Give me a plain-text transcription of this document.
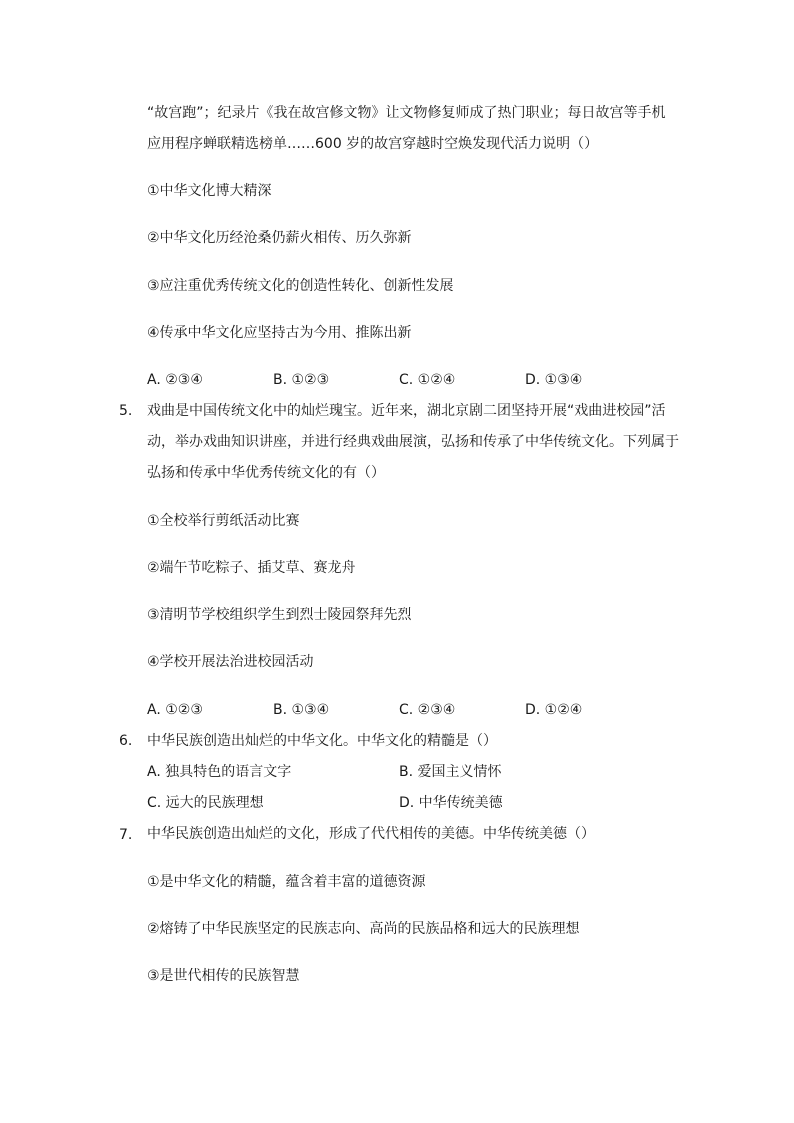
“故宫跑”；纪录片《我在故宫修文物》让文物修复师成了热门职业；每日故宫等手机
应用程序蝉联精选榜单……600 岁的故宫穿越时空焕发现代活力说明（）
①中华文化博大精深
②中华文化历经沧桑仍薪火相传、历久弥新
③应注重优秀传统文化的创造性转化、创新性发展
④传承中华文化应坚持古为今用、推陈出新
A. ②③④	B. ①②③	C. ①②④	D. ①③④
5. 戏曲是中国传统文化中的灿烂瑰宝。近年来，湖北京剧二团坚持开展“戏曲进校园”活
动，举办戏曲知识讲座，并进行经典戏曲展演，弘扬和传承了中华传统文化。下列属于
弘扬和传承中华优秀传统文化的有（）
①全校举行剪纸活动比赛
②端午节吃粽子、插艾草、赛龙舟
③清明节学校组织学生到烈士陵园祭拜先烈
④学校开展法治进校园活动
A. ①②③	B. ①③④	C. ②③④	D. ①②④
6. 中华民族创造出灿烂的中华文化。中华文化的精髓是（）
A. 独具特色的语言文字	B. 爱国主义情怀
C. 远大的民族理想	D. 中华传统美德
7. 中华民族创造出灿烂的文化，形成了代代相传的美德。中华传统美德（）
①是中华文化的精髓，蕴含着丰富的道德资源
②熔铸了中华民族坚定的民族志向、高尚的民族品格和远大的民族理想
③是世代相传的民族智慧
